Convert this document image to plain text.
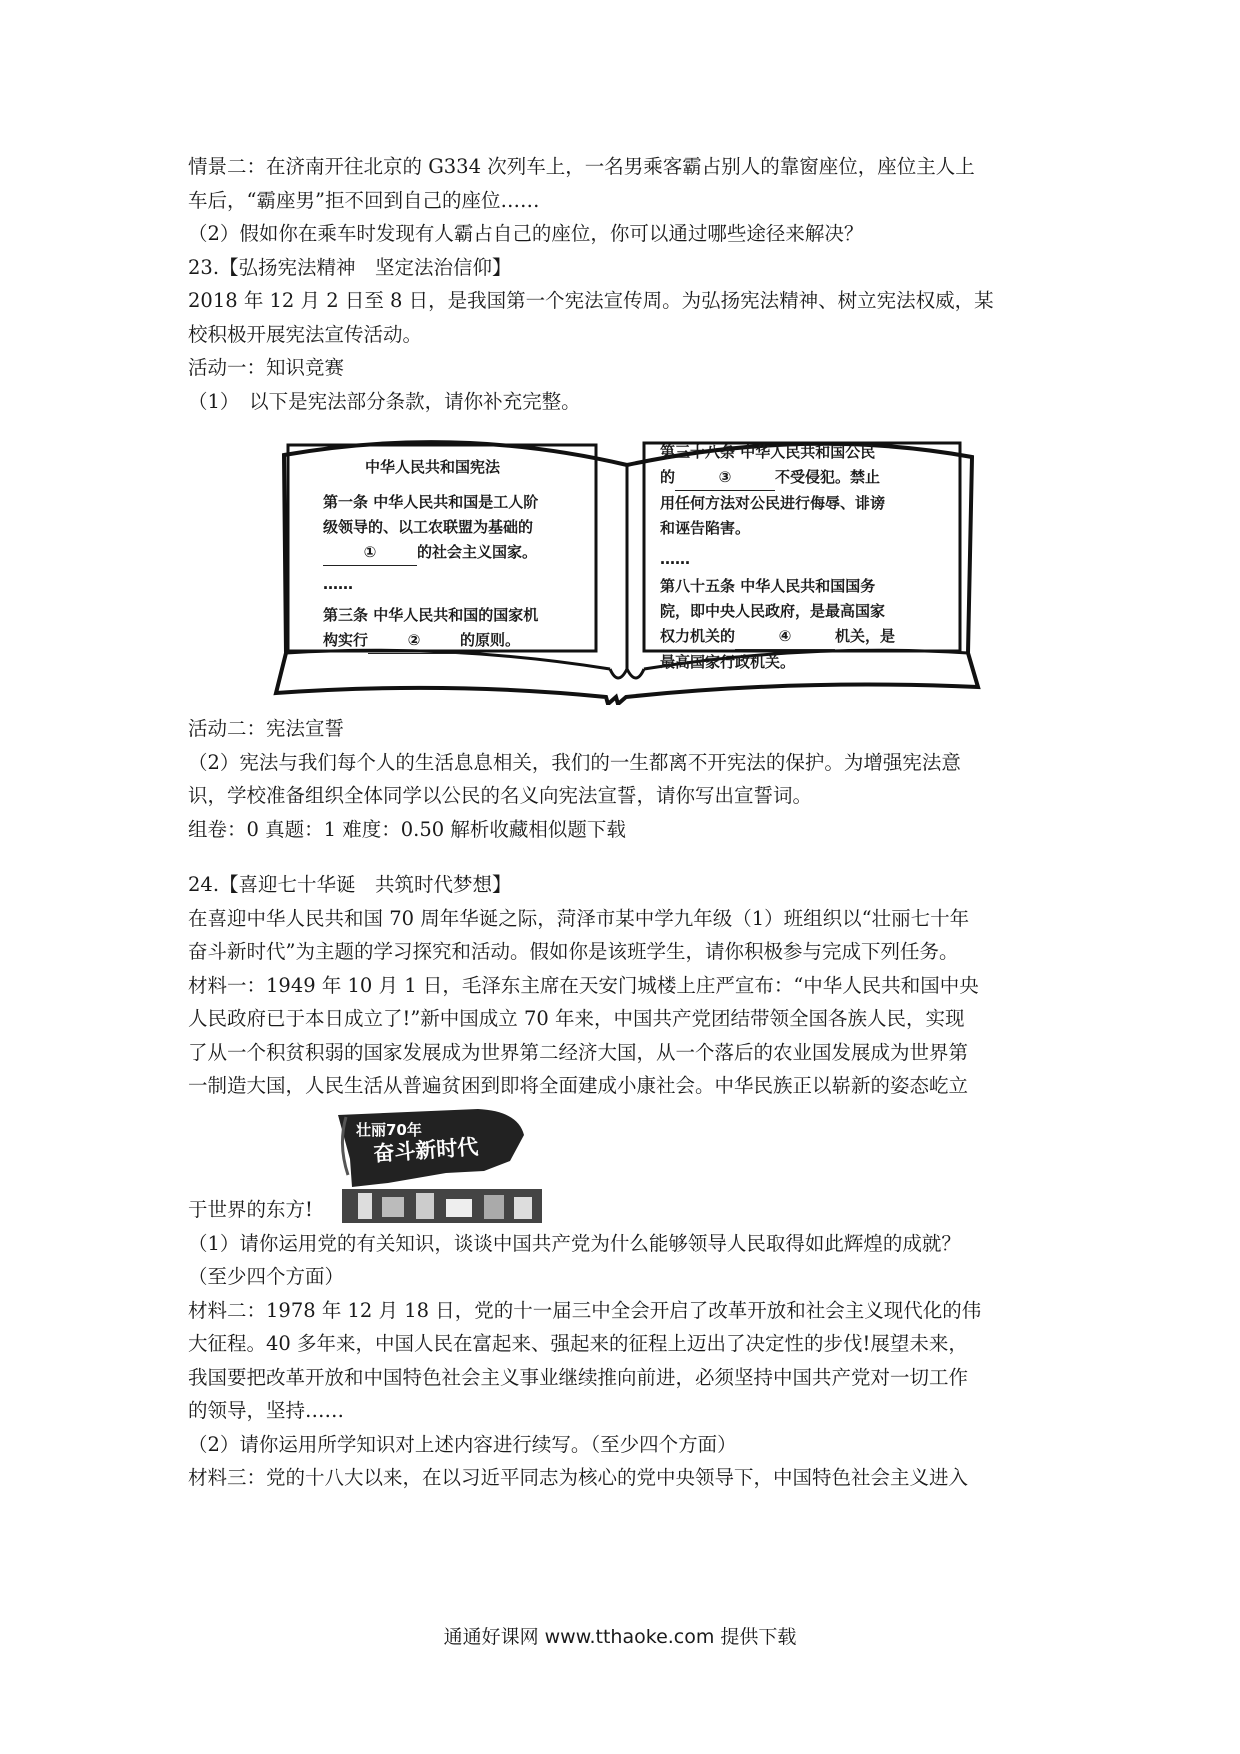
情景二：在济南开往北京的 G334 次列车上，一名男乘客霸占别人的靠窗座位，座位主人上
车后，“霸座男”拒不回到自己的座位……
（2）假如你在乘车时发现有人霸占自己的座位，你可以通过哪些途径来解决？
23.【弘扬宪法精神　坚定法治信仰】
2018 年 12 月 2 日至 8 日，是我国第一个宪法宣传周。为弘扬宪法精神、树立宪法权威，某
校积极开展宪法宣传活动。
活动一：知识竞赛
（1）　以下是宪法部分条款，请你补充完整。
中华人民共和国宪法
第一条 中华人民共和国是工人阶
级领导的、以工农联盟为基础的
①	的社会主义国家。
……
第三条 中华人民共和国的国家机
构实行	②	的原则。
第三十八条 中华人民共和国公民
的	③	不受侵犯。禁止
用任何方法对公民进行侮辱、诽谤
和诬告陷害。
……
第八十五条 中华人民共和国国务
院，即中央人民政府，是最高国家
权力机关的	④	机关，是
最高国家行政机关。
活动二：宪法宣誓
（2）宪法与我们每个人的生活息息相关，我们的一生都离不开宪法的保护。为增强宪法意
识，学校准备组织全体同学以公民的名义向宪法宣誓，请你写出宣誓词。
组卷：0 真题：1 难度：0.50 解析收藏相似题下载
24.【喜迎七十华诞　共筑时代梦想】
在喜迎中华人民共和国 70 周年华诞之际，菏泽市某中学九年级（1）班组织以“壮丽七十年
奋斗新时代”为主题的学习探究和活动。假如你是该班学生，请你积极参与完成下列任务。
材料一：1949 年 10 月 1 日，毛泽东主席在天安门城楼上庄严宣布：“中华人民共和国中央
人民政府已于本日成立了!”新中国成立 70 年来，中国共产党团结带领全国各族人民，实现
了从一个积贫积弱的国家发展成为世界第二经济大国，从一个落后的农业国发展成为世界第
一制造大国，人民生活从普遍贫困到即将全面建成小康社会。中华民族正以崭新的姿态屹立
于世界的东方!
壮丽70年
奋斗新时代
（1）请你运用党的有关知识，谈谈中国共产党为什么能够领导人民取得如此辉煌的成就？
（至少四个方面）
材料二：1978 年 12 月 18 日，党的十一届三中全会开启了改革开放和社会主义现代化的伟
大征程。40 多年来，中国人民在富起来、强起来的征程上迈出了决定性的步伐!展望未来，
我国要把改革开放和中国特色社会主义事业继续推向前进，必须坚持中国共产党对一切工作
的领导，坚持……
（2）请你运用所学知识对上述内容进行续写。（至少四个方面）
材料三：党的十八大以来，在以习近平同志为核心的党中央领导下，中国特色社会主义进入
通通好课网 www.tthaoke.com 提供下载
